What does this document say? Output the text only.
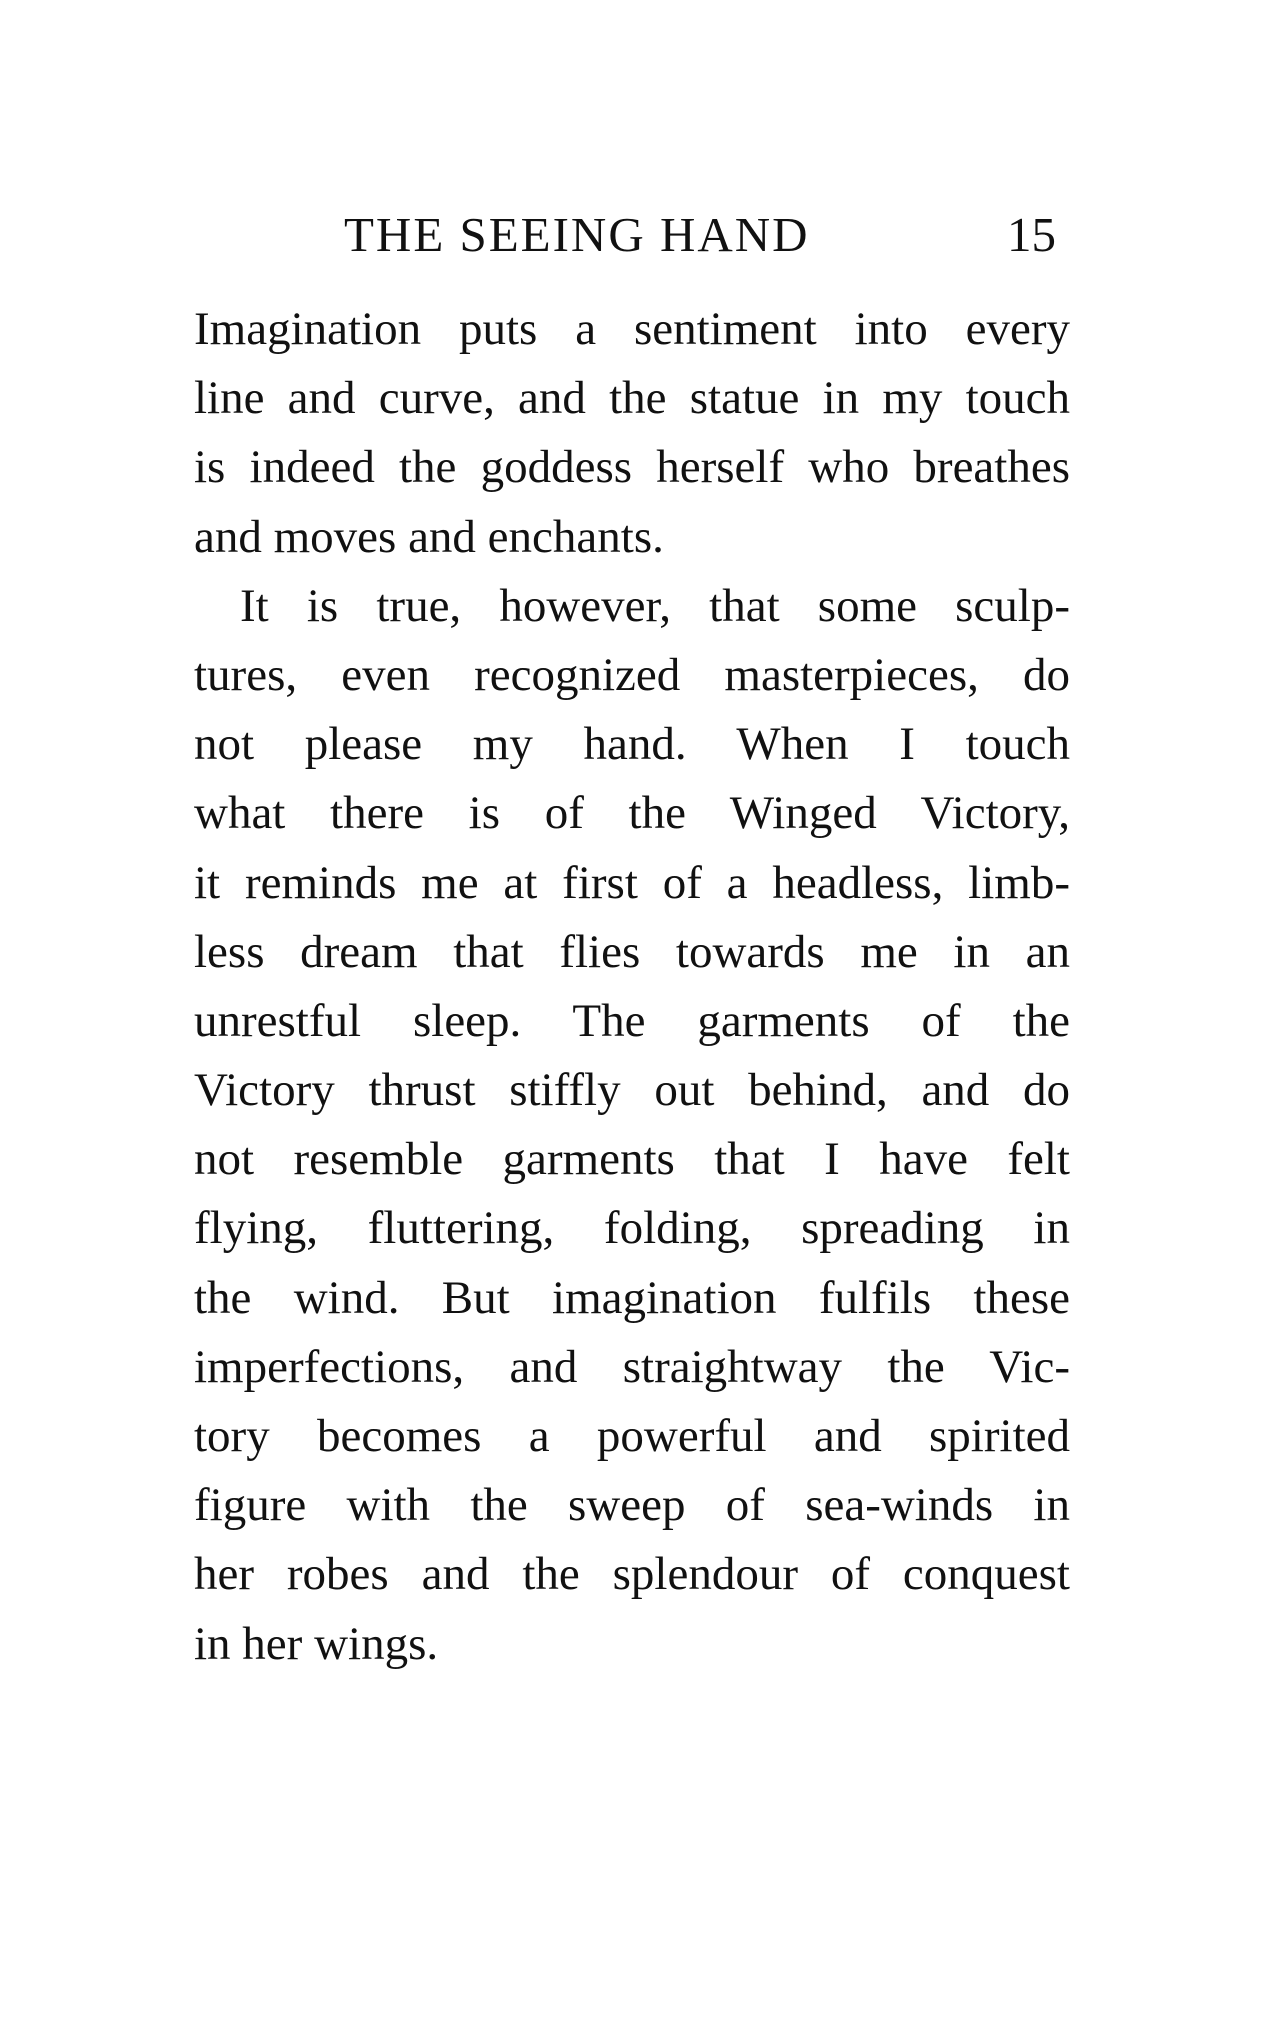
THE SEEING HAND	15
Imagination puts a sentiment into every
line and curve, and the statue in my touch
is indeed the goddess herself who breathes
and moves and enchants.
It is true, however, that some sculp-
tures, even recognized masterpieces, do
not please my hand. When I touch
what there is of the Winged Victory,
it reminds me at first of a headless, limb-
less dream that flies towards me in an
unrestful sleep. The garments of the
Victory thrust stiffly out behind, and do
not resemble garments that I have felt
flying, fluttering, folding, spreading in
the wind. But imagination fulfils these
imperfections, and straightway the Vic-
tory becomes a powerful and spirited
figure with the sweep of sea-winds in
her robes and the splendour of conquest
in her wings.
